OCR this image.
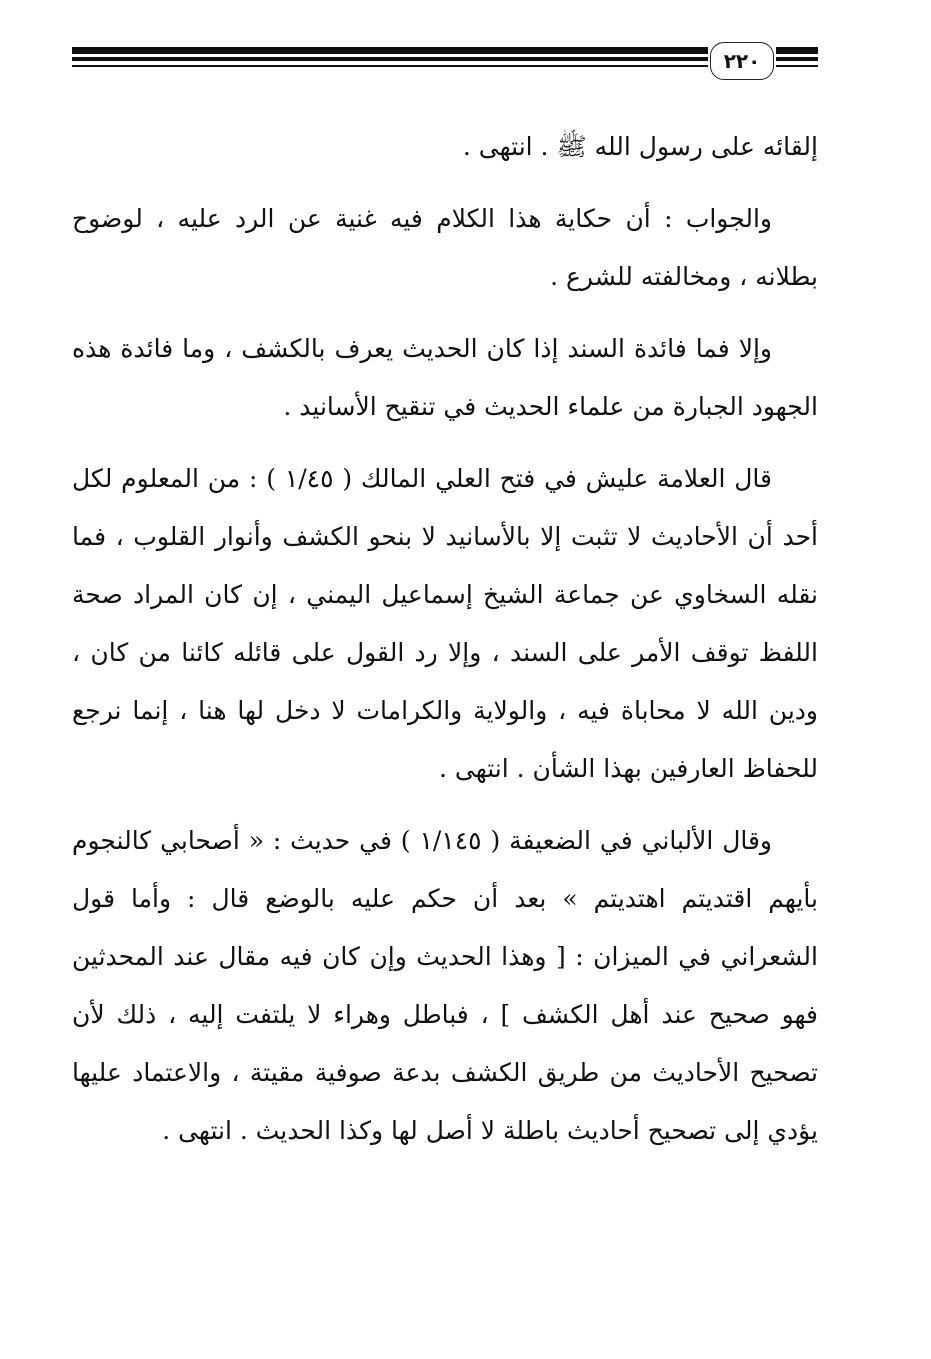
٢٢٠

إلقائه على رسول الله ﷺ . انتهى .

والجواب : أن حكاية هذا الكلام فيه غنية عن الرد عليه ، لوضوح بطلانه ، ومخالفته للشرع .

وإلا فما فائدة السند إذا كان الحديث يعرف بالكشف ، وما فائدة هذه الجهود الجبارة من علماء الحديث في تنقيح الأسانيد .

قال العلامة عليش في فتح العلي المالك ( ١/٤٥ ) : من المعلوم لكل أحد أن الأحاديث لا تثبت إلا بالأسانيد لا بنحو الكشف وأنوار القلوب ، فما نقله السخاوي عن جماعة الشيخ إسماعيل اليمني ، إن كان المراد صحة اللفظ توقف الأمر على السند ، وإلا رد القول على قائله كائنا من كان ، ودين الله لا محاباة فيه ، والولاية والكرامات لا دخل لها هنا ، إنما نرجع للحفاظ العارفين بهذا الشأن . انتهى .

وقال الألباني في الضعيفة ( ١/١٤٥ ) في حديث : « أصحابي كالنجوم بأيهم اقتديتم اهتديتم » بعد أن حكم عليه بالوضع قال : وأما قول الشعراني في الميزان : [ وهذا الحديث وإن كان فيه مقال عند المحدثين فهو صحيح عند أهل الكشف ] ، فباطل وهراء لا يلتفت إليه ، ذلك لأن تصحيح الأحاديث من طريق الكشف بدعة صوفية مقيتة ، والاعتماد عليها يؤدي إلى تصحيح أحاديث باطلة لا أصل لها وكذا الحديث . انتهى .
